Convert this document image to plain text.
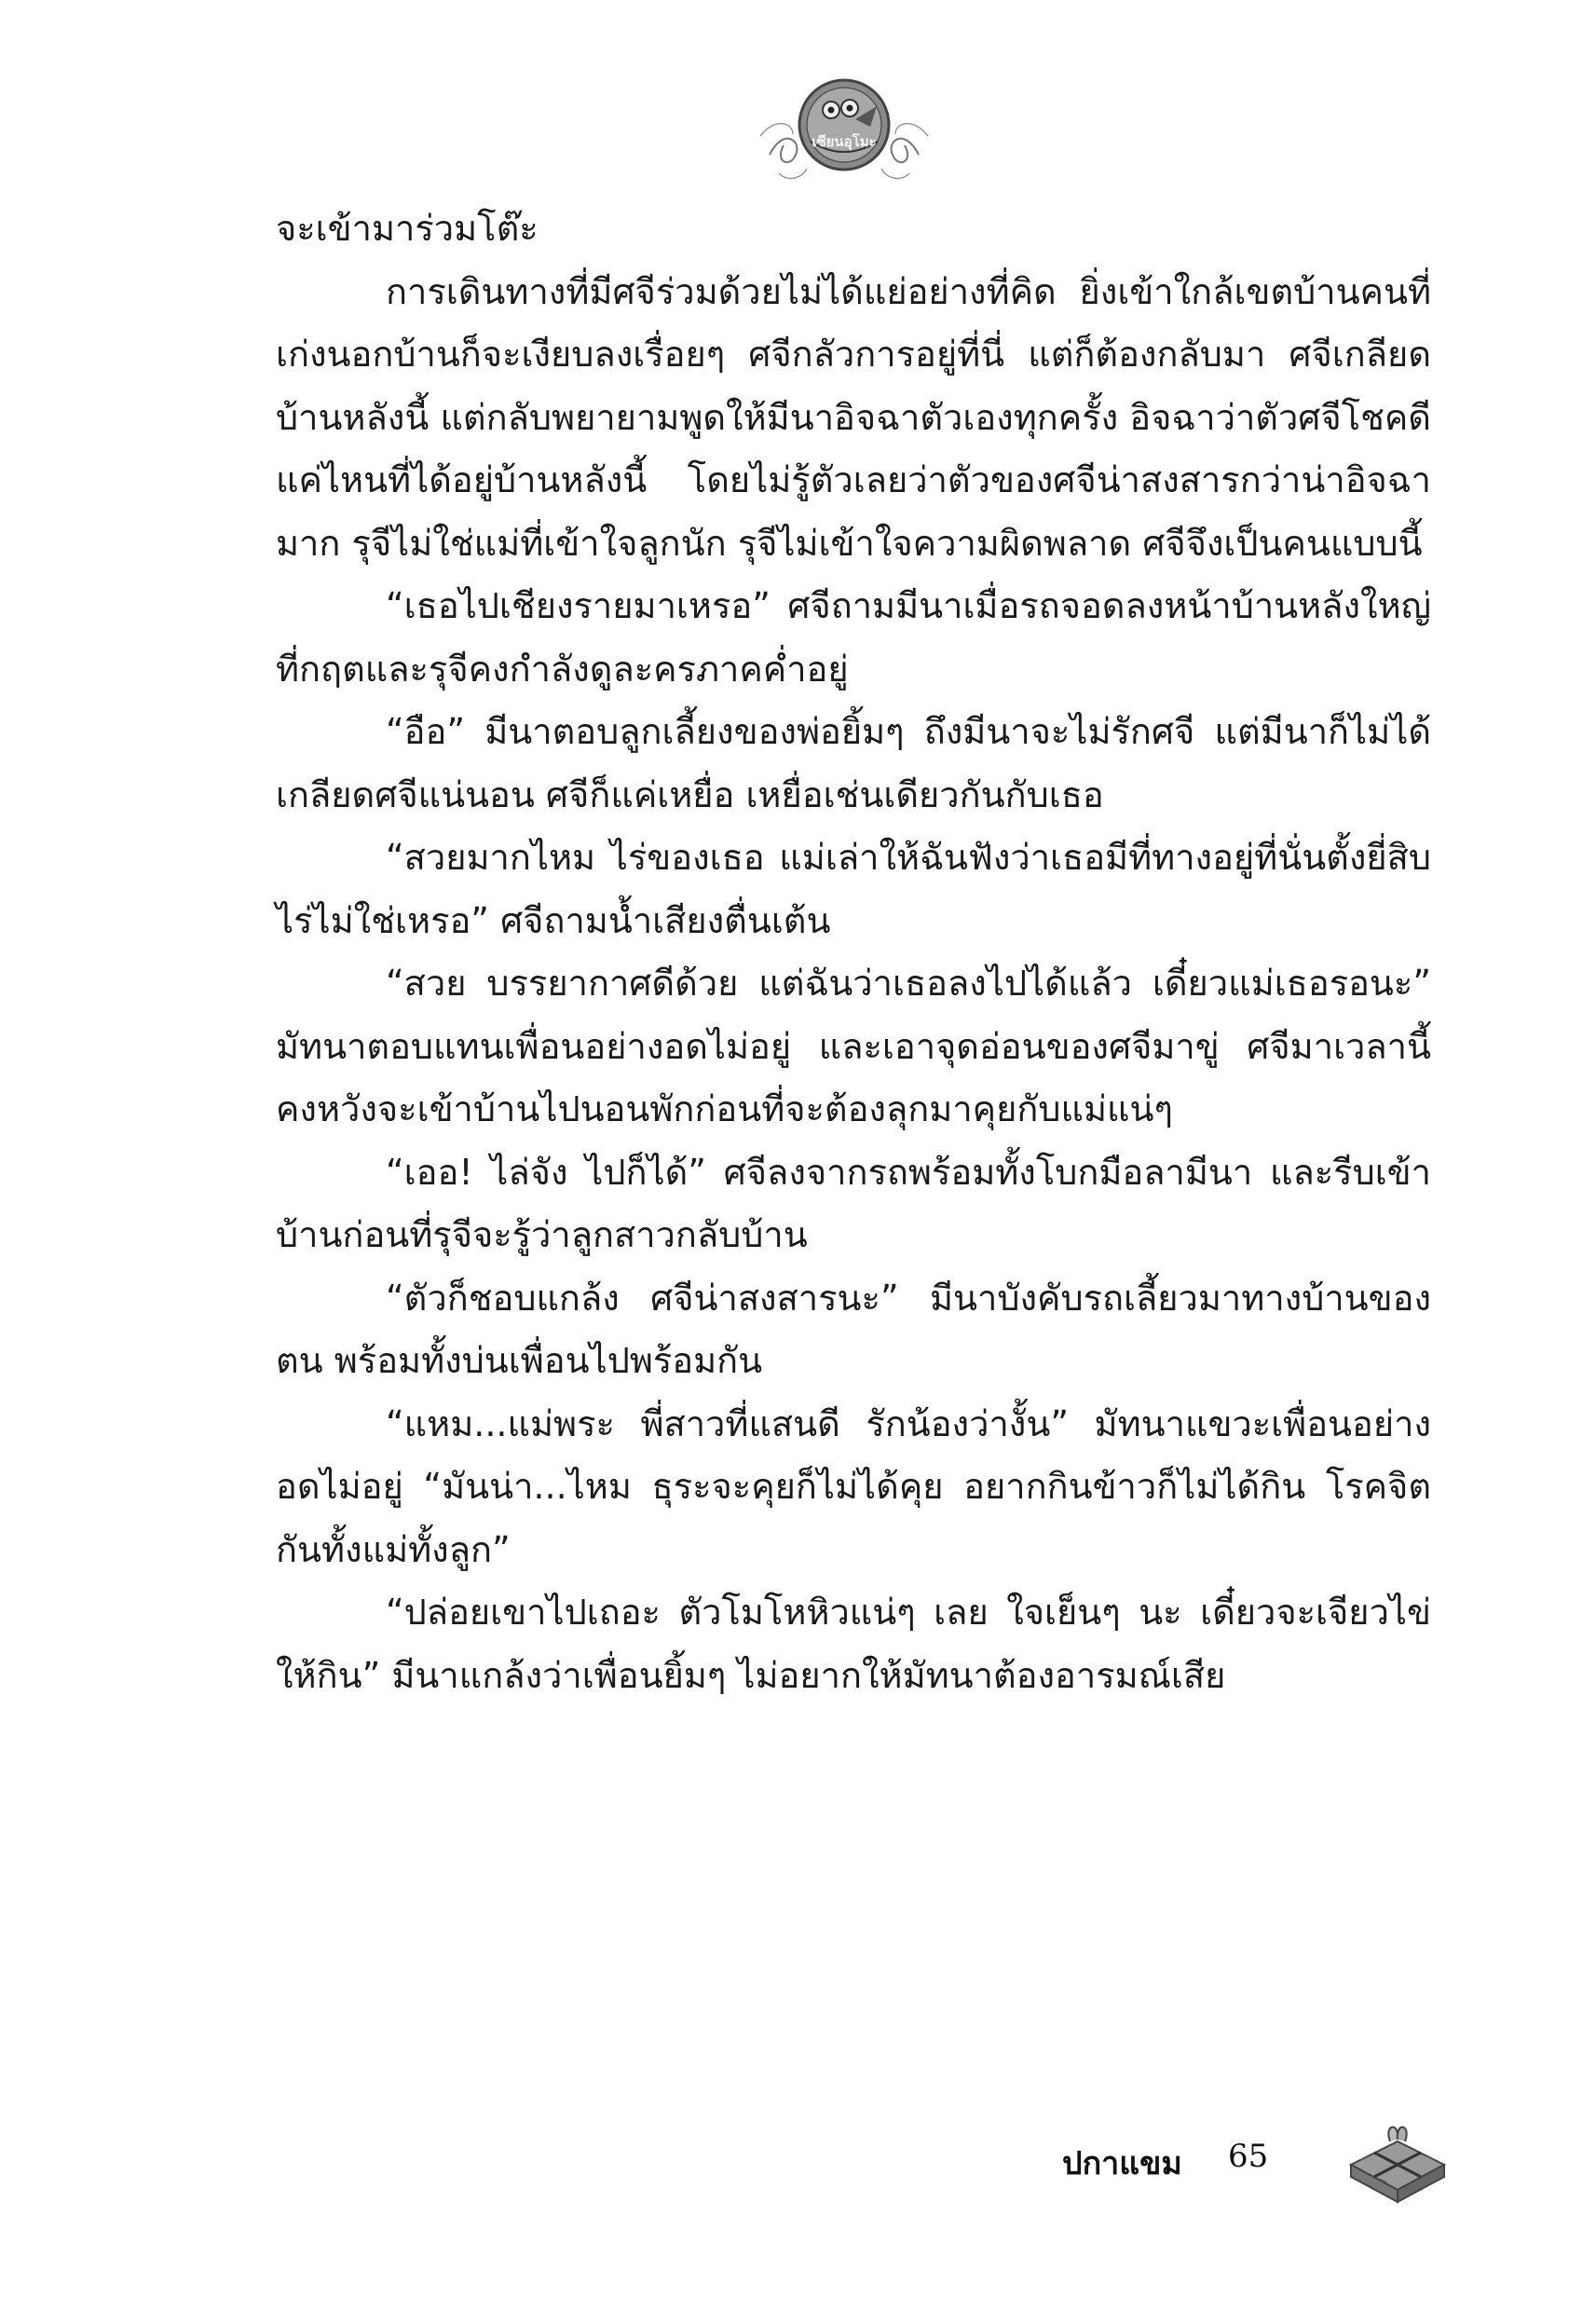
เซียนอุโมะ

จะเข้ามาร่วมโต๊ะ

การเดินทางที่มีศจีร่วมด้วยไม่ได้แย่อย่างที่คิด ยิ่งเข้าใกล้เขตบ้านคนที่เก่งนอกบ้านก็จะเงียบลงเรื่อยๆ ศจีกลัวการอยู่ที่นี่ แต่ก็ต้องกลับมา ศจีเกลียดบ้านหลังนี้ แต่กลับพยายามพูดให้มีนาอิจฉาตัวเองทุกครั้ง อิจฉาว่าตัวศจีโชคดีแค่ไหนที่ได้อยู่บ้านหลังนี้ โดยไม่รู้ตัวเลยว่าตัวของศจีน่าสงสารกว่าน่าอิจฉามาก รุจีไม่ใช่แม่ที่เข้าใจลูกนัก รุจีไม่เข้าใจความผิดพลาด ศจีจึงเป็นคนแบบนี้

“เธอไปเชียงรายมาเหรอ” ศจีถามมีนาเมื่อรถจอดลงหน้าบ้านหลังใหญ่ที่กฤตและรุจีคงกำลังดูละครภาคค่ำอยู่

“อือ” มีนาตอบลูกเลี้ยงของพ่อยิ้มๆ ถึงมีนาจะไม่รักศจี แต่มีนาก็ไม่ได้เกลียดศจีแน่นอน ศจีก็แค่เหยื่อ เหยื่อเช่นเดียวกันกับเธอ

“สวยมากไหม ไร่ของเธอ แม่เล่าให้ฉันฟังว่าเธอมีที่ทางอยู่ที่นั่นตั้งยี่สิบไร่ไม่ใช่เหรอ” ศจีถามน้ำเสียงตื่นเต้น

“สวย บรรยากาศดีด้วย แต่ฉันว่าเธอลงไปได้แล้ว เดี๋ยวแม่เธอรอนะ” มัทนาตอบแทนเพื่อนอย่างอดไม่อยู่ และเอาจุดอ่อนของศจีมาขู่ ศจีมาเวลานี้คงหวังจะเข้าบ้านไปนอนพักก่อนที่จะต้องลุกมาคุยกับแม่แน่ๆ

“เออ! ไล่จัง ไปก็ได้” ศจีลงจากรถพร้อมทั้งโบกมือลามีนา และรีบเข้าบ้านก่อนที่รุจีจะรู้ว่าลูกสาวกลับบ้าน

“ตัวก็ชอบแกล้ง ศจีน่าสงสารนะ” มีนาบังคับรถเลี้ยวมาทางบ้านของตน พร้อมทั้งบ่นเพื่อนไปพร้อมกัน

“แหม...แม่พระ พี่สาวที่แสนดี รักน้องว่างั้น” มัทนาแขวะเพื่อนอย่างอดไม่อยู่ “มันน่า...ไหม ธุระจะคุยก็ไม่ได้คุย อยากกินข้าวก็ไม่ได้กิน โรคจิตกันทั้งแม่ทั้งลูก”

“ปล่อยเขาไปเถอะ ตัวโมโหหิวแน่ๆ เลย ใจเย็นๆ นะ เดี๋ยวจะเจียวไข่ให้กิน” มีนาแกล้งว่าเพื่อนยิ้มๆ ไม่อยากให้มัทนาต้องอารมณ์เสีย

ปกาแขม 65
